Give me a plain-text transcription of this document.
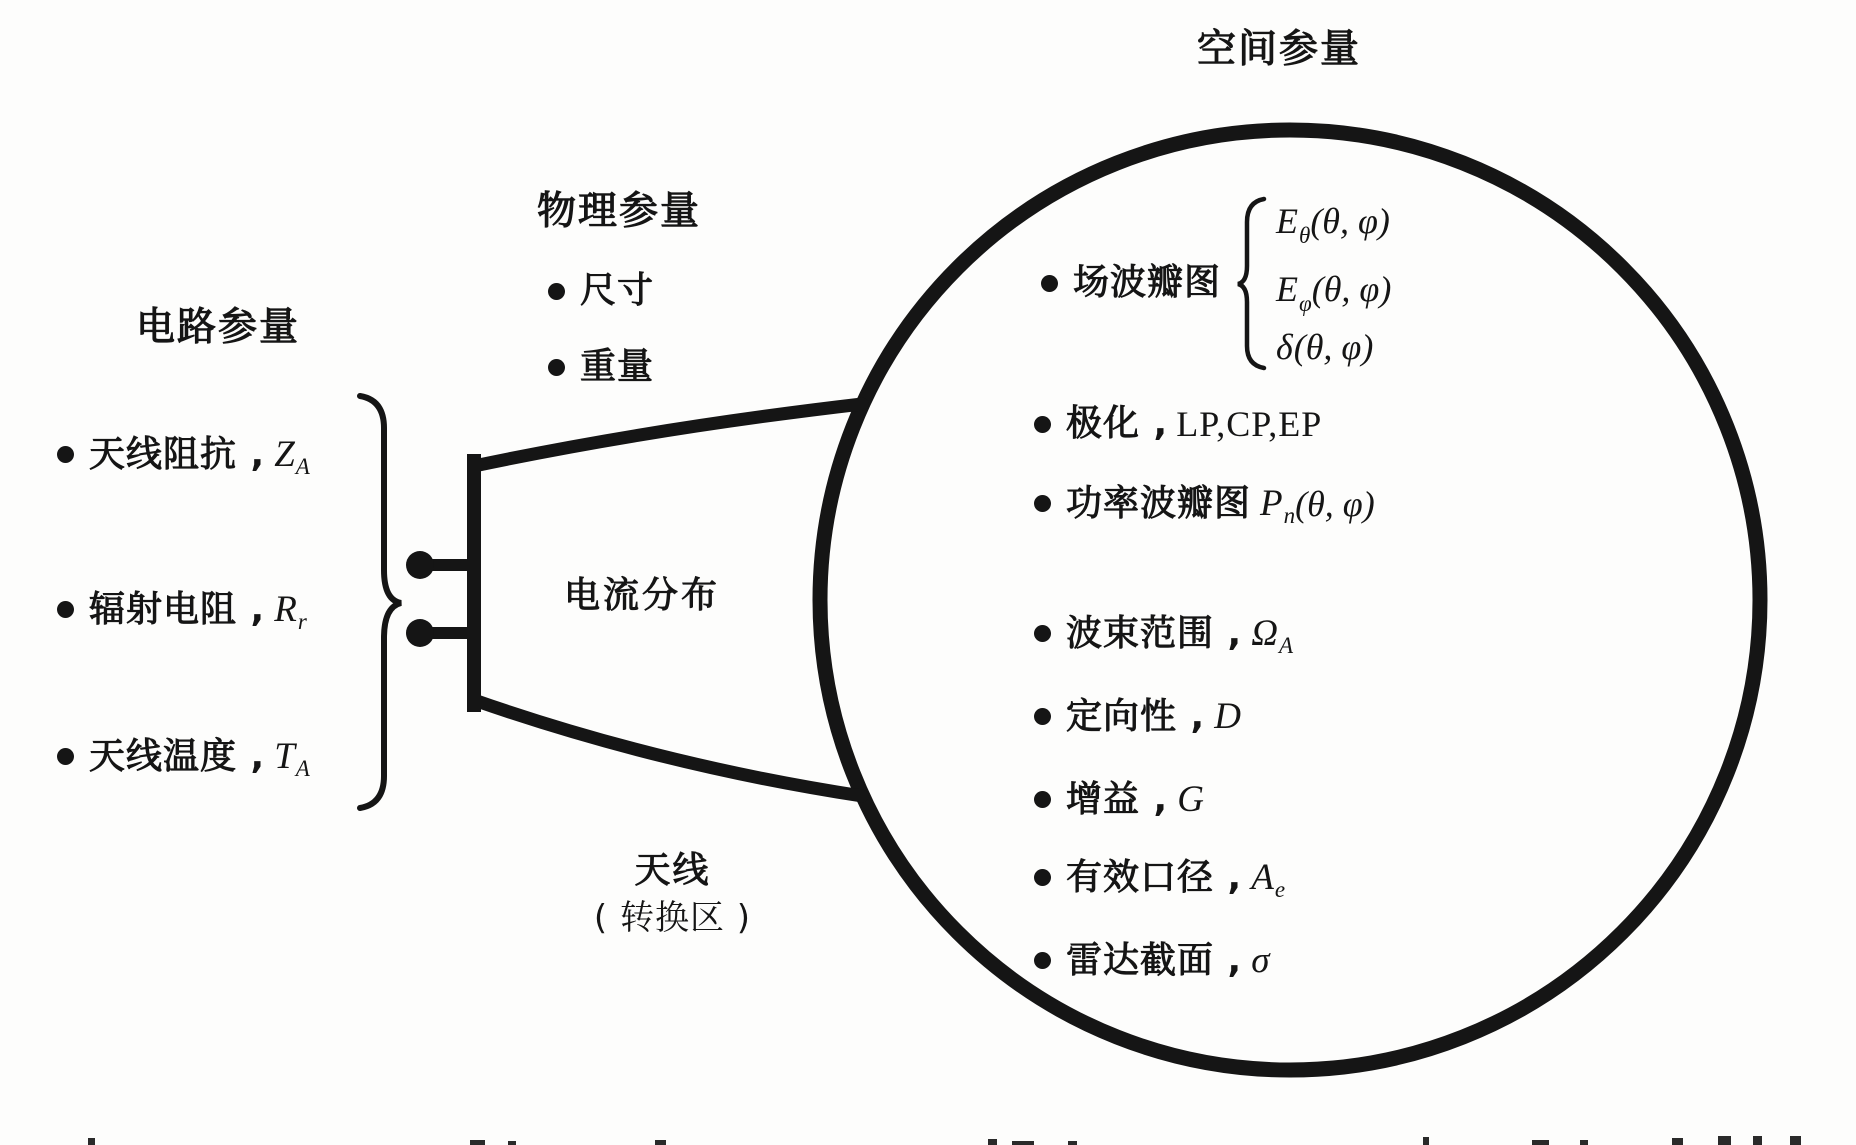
电路参量
天线阻抗 , Z A
辐射电阻 , R r
天线温度 , T A
物理参量
尺寸
重量
电流分布
天线
( 转换区 )
空间参量
场波瓣图
$E_\theta(\theta$, φ)
$E_\varphi(\theta$, φ)
δ(θ, φ)
极化 , LP,CP,EP
功率波瓣图 P n (θ, φ)
波束范围 , Ω A
定向性 , D
增益 , G
有效口径 , A e
雷达截面 , σ
